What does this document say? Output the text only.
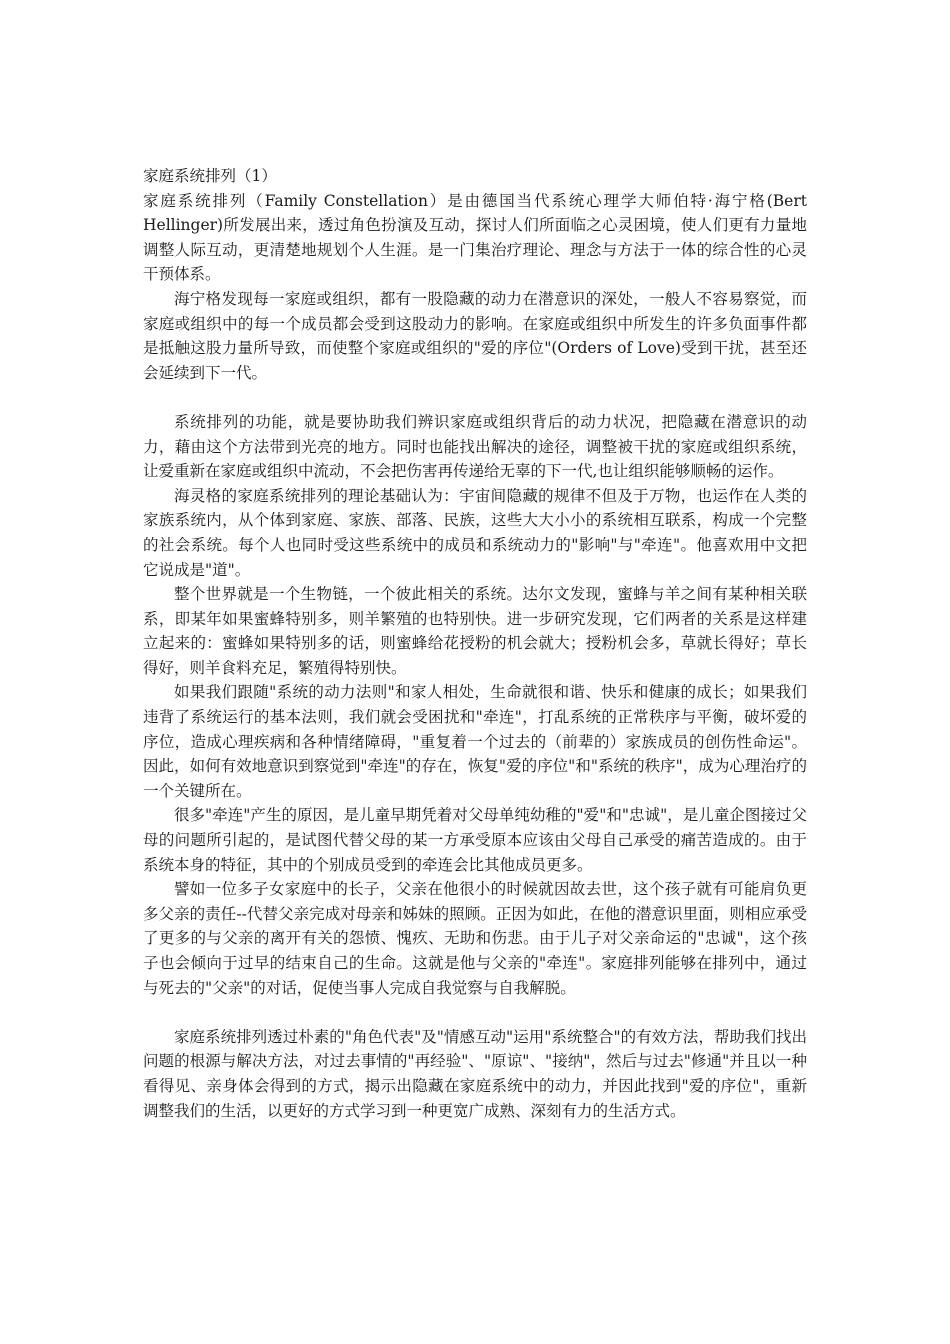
家庭系统排列（1）

家庭系统排列（Family Constellation）是由德国当代系统心理学大师伯特·海宁格(Bert Hellinger)所发展出来，透过角色扮演及互动，探讨人们所面临之心灵困境，使人们更有力量地调整人际互动，更清楚地规划个人生涯。是一门集治疗理论、理念与方法于一体的综合性的心灵干预体系。

海宁格发现每一家庭或组织，都有一股隐藏的动力在潜意识的深处，一般人不容易察觉，而家庭或组织中的每一个成员都会受到这股动力的影响。在家庭或组织中所发生的许多负面事件都是抵触这股力量所导致，而使整个家庭或组织的"爱的序位"(Orders of Love)受到干扰，甚至还会延续到下一代。

系统排列的功能，就是要协助我们辨识家庭或组织背后的动力状况，把隐藏在潜意识的动力，藉由这个方法带到光亮的地方。同时也能找出解决的途径，调整被干扰的家庭或组织系统，让爱重新在家庭或组织中流动，不会把伤害再传递给无辜的下一代,也让组织能够顺畅的运作。

海灵格的家庭系统排列的理论基础认为：宇宙间隐藏的规律不但及于万物，也运作在人类的家族系统内，从个体到家庭、家族、部落、民族，这些大大小小的系统相互联系，构成一个完整的社会系统。每个人也同时受这些系统中的成员和系统动力的"影响"与"牵连"。他喜欢用中文把它说成是"道"。

整个世界就是一个生物链，一个彼此相关的系统。达尔文发现，蜜蜂与羊之间有某种相关联系，即某年如果蜜蜂特别多，则羊繁殖的也特别快。进一步研究发现，它们两者的关系是这样建立起来的：蜜蜂如果特别多的话，则蜜蜂给花授粉的机会就大；授粉机会多，草就长得好；草长得好，则羊食料充足，繁殖得特别快。

如果我们跟随"系统的动力法则"和家人相处，生命就很和谐、快乐和健康的成长；如果我们违背了系统运行的基本法则，我们就会受困扰和"牵连"，打乱系统的正常秩序与平衡，破坏爱的序位，造成心理疾病和各种情绪障碍，"重复着一个过去的（前辈的）家族成员的创伤性命运"。因此，如何有效地意识到察觉到"牵连"的存在，恢复"爱的序位"和"系统的秩序"，成为心理治疗的一个关键所在。

很多"牵连"产生的原因，是儿童早期凭着对父母单纯幼稚的"爱"和"忠诚"，是儿童企图接过父母的问题所引起的，是试图代替父母的某一方承受原本应该由父母自己承受的痛苦造成的。由于系统本身的特征，其中的个别成员受到的牵连会比其他成员更多。

譬如一位多子女家庭中的长子，父亲在他很小的时候就因故去世，这个孩子就有可能肩负更多父亲的责任--代替父亲完成对母亲和姊妹的照顾。正因为如此，在他的潜意识里面，则相应承受了更多的与父亲的离开有关的怨愤、愧疚、无助和伤悲。由于儿子对父亲命运的"忠诚"，这个孩子也会倾向于过早的结束自己的生命。这就是他与父亲的"牵连"。家庭排列能够在排列中，通过与死去的"父亲"的对话，促使当事人完成自我觉察与自我解脱。

家庭系统排列透过朴素的"角色代表"及"情感互动"运用"系统整合"的有效方法，帮助我们找出问题的根源与解决方法，对过去事情的"再经验"、"原谅"、"接纳"，然后与过去"修通"并且以一种看得见、亲身体会得到的方式，揭示出隐藏在家庭系统中的动力，并因此找到"爱的序位"，重新调整我们的生活，以更好的方式学习到一种更宽广成熟、深刻有力的生活方式。
